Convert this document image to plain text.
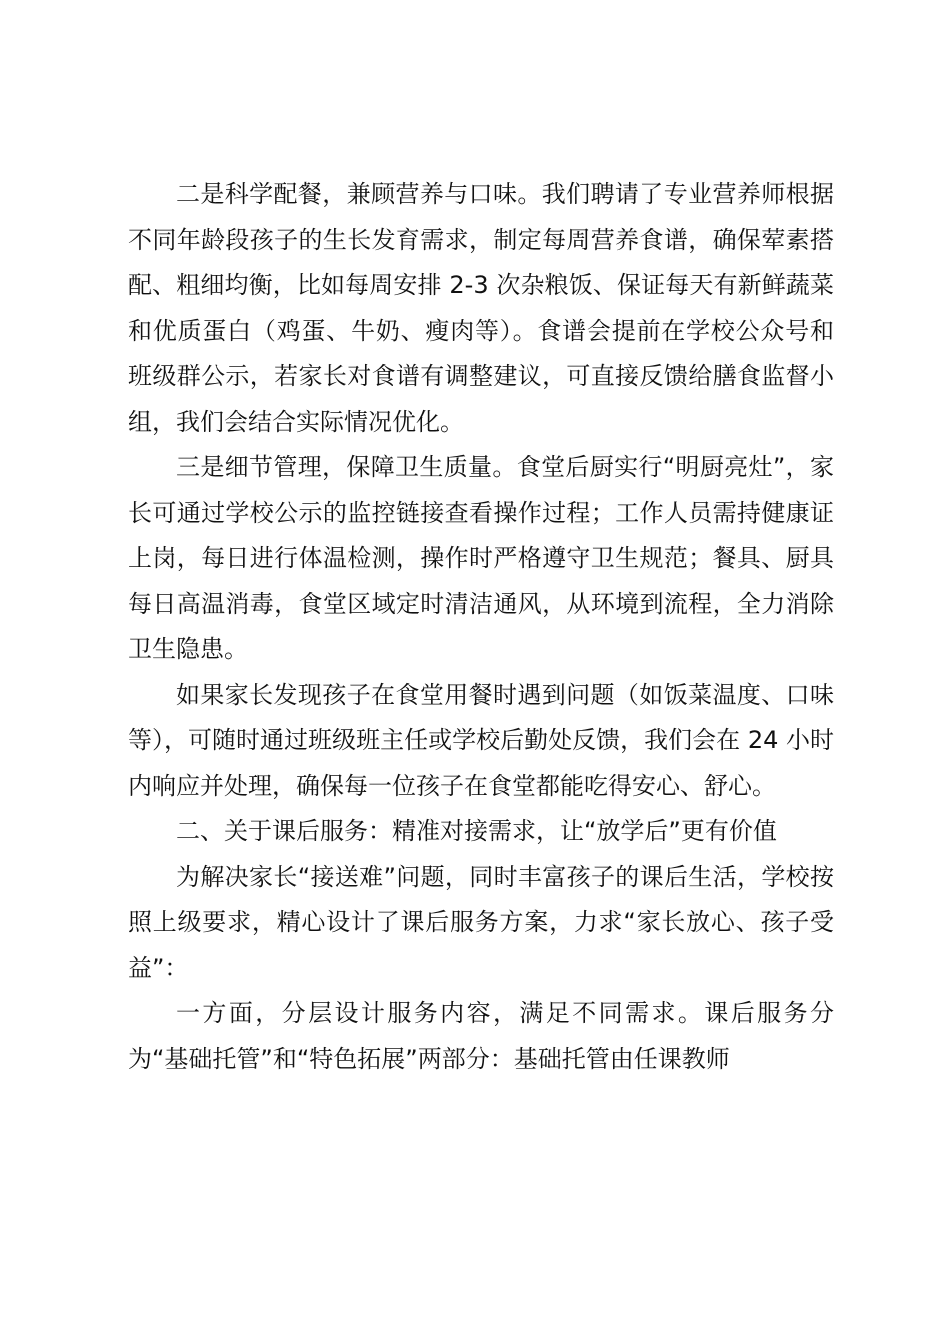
二是科学配餐，兼顾营养与口味。我们聘请了专业营养师根据不同年龄段孩子的生长发育需求，制定每周营养食谱，确保荤素搭配、粗细均衡，比如每周安排 2-3 次杂粮饭、保证每天有新鲜蔬菜和优质蛋白（鸡蛋、牛奶、瘦肉等）。食谱会提前在学校公众号和班级群公示，若家长对食谱有调整建议，可直接反馈给膳食监督小组，我们会结合实际情况优化。

三是细节管理，保障卫生质量。食堂后厨实行“明厨亮灶”，家长可通过学校公示的监控链接查看操作过程；工作人员需持健康证上岗，每日进行体温检测，操作时严格遵守卫生规范；餐具、厨具每日高温消毒，食堂区域定时清洁通风，从环境到流程，全力消除卫生隐患。

如果家长发现孩子在食堂用餐时遇到问题（如饭菜温度、口味等），可随时通过班级班主任或学校后勤处反馈，我们会在 24 小时内响应并处理，确保每一位孩子在食堂都能吃得安心、舒心。

二、关于课后服务：精准对接需求，让“放学后”更有价值

为解决家长“接送难”问题，同时丰富孩子的课后生活，学校按照上级要求，精心设计了课后服务方案，力求“家长放心、孩子受益”：

一方面，分层设计服务内容，满足不同需求。课后服务分为“基础托管”和“特色拓展”两部分：基础托管由任课教师
